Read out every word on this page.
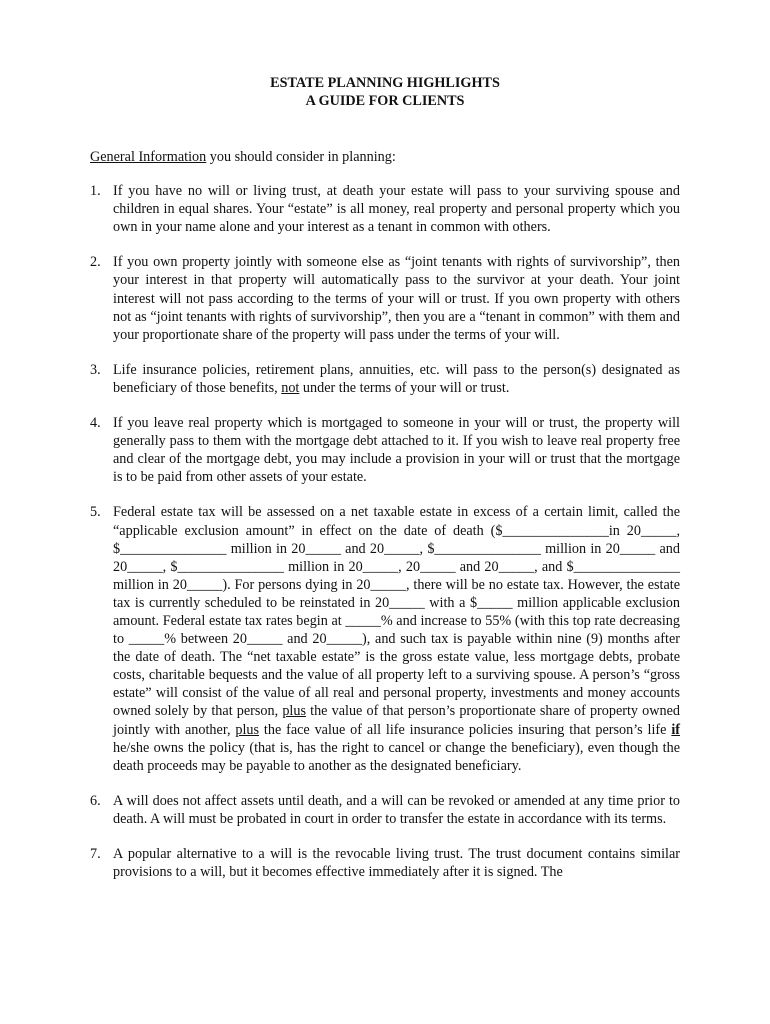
ESTATE PLANNING HIGHLIGHTS
A GUIDE FOR CLIENTS
General Information you should consider in planning:
1. If you have no will or living trust, at death your estate will pass to your surviving spouse and children in equal shares. Your “estate” is all money, real property and personal property which you own in your name alone and your interest as a tenant in common with others.

2. If you own property jointly with someone else as “joint tenants with rights of survivorship”, then your interest in that property will automatically pass to the survivor at your death. Your joint interest will not pass according to the terms of your will or trust. If you own property with others not as “joint tenants with rights of survivorship”, then you are a “tenant in common” with them and your proportionate share of the property will pass under the terms of your will.

3. Life insurance policies, retirement plans, annuities, etc. will pass to the person(s) designated as beneficiary of those benefits, not under the terms of your will or trust.

4. If you leave real property which is mortgaged to someone in your will or trust, the property will generally pass to them with the mortgage debt attached to it. If you wish to leave real property free and clear of the mortgage debt, you may include a provision in your will or trust that the mortgage is to be paid from other assets of your estate.

5. Federal estate tax will be assessed on a net taxable estate in excess of a certain limit, called the “applicable exclusion amount” in effect on the date of death ($_______________in 20_____, $_______________ million in 20_____ and 20_____, $_______________ million in 20_____ and 20_____, $_______________ million in 20_____, 20_____ and 20_____, and $_______________ million in 20_____). For persons dying in 20_____, there will be no estate tax. However, the estate tax is currently scheduled to be reinstated in 20_____ with a $_____ million applicable exclusion amount. Federal estate tax rates begin at _____% and increase to 55% (with this top rate decreasing to _____% between 20_____ and 20_____), and such tax is payable within nine (9) months after the date of death. The “net taxable estate” is the gross estate value, less mortgage debts, probate costs, charitable bequests and the value of all property left to a surviving spouse. A person’s “gross estate” will consist of the value of all real and personal property, investments and money accounts owned solely by that person, plus the value of that person’s proportionate share of property owned jointly with another, plus the face value of all life insurance policies insuring that person’s life if he/she owns the policy (that is, has the right to cancel or change the beneficiary), even though the death proceeds may be payable to another as the designated beneficiary.

6. A will does not affect assets until death, and a will can be revoked or amended at any time prior to death. A will must be probated in court in order to transfer the estate in accordance with its terms.

7. A popular alternative to a will is the revocable living trust. The trust document contains similar provisions to a will, but it becomes effective immediately after it is signed. The
